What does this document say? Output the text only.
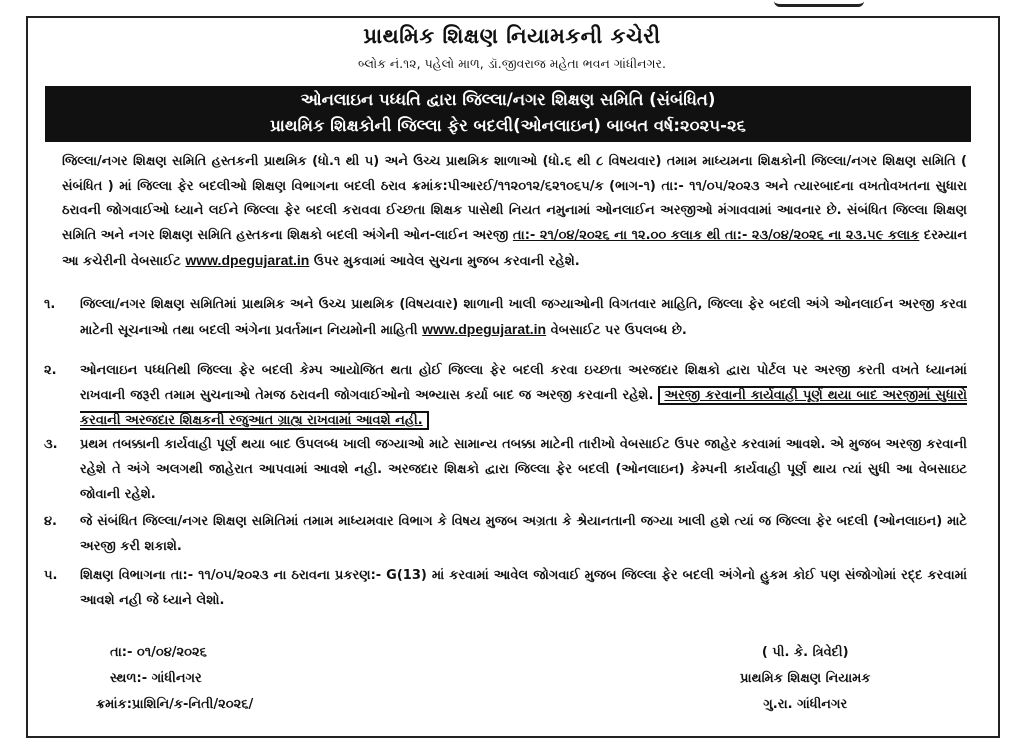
પ્રાથમિક શિક્ષણ નિયામકની કચેરી
બ્લોક નં.૧૨, પહેલો માળ, ડૉ.જીવરાજ મહેતા ભવન ગાંધીનગર.
ઓનલાઇન પધ્ધતિ દ્વારા જિલ્લા/નગર શિક્ષણ સમિતિ (સંબંધિત)
પ્રાથમિક શિક્ષકોની જિલ્લા ફેર બદલી(ઓનલાઇન) બાબત વર્ષ:૨૦૨૫-૨૬
જિલ્લા/નગર શિક્ષણ સમિતિ હસ્તકની પ્રાથમિક (ધો.૧ થી ૫) અને ઉચ્ચ પ્રાથમિક શાળાઓ (ધો.૬ થી ૮ વિષયવાર) તમામ માધ્યમના શિક્ષકોની જિલ્લા/નગર શિક્ષણ સમિતિ ( સંબંધિત ) માં જિલ્લા ફેર બદલીઓ શિક્ષણ વિભાગના બદલી ઠરાવ ક્રમાંક:પીઆરઈ/૧૧૨૦૧૨/૬૨૧૦૬૫/ક (ભાગ-૧) તા:- ૧૧/૦૫/૨૦૨૩ અને ત્યારબાદના વખતોવખતના સુધારા ઠરાવની જોગવાઈઓ ધ્યાને લઈને જિલ્લા ફેર બદલી કરાવવા ઈચ્છતા શિક્ષક પાસેથી નિયત નમુનામાં ઓનલાઈન અરજીઓ મંગાવવામાં આવનાર છે. સંબંધિત જિલ્લા શિક્ષણ સમિતિ અને નગર શિક્ષણ સમિતિ હસ્તકના શિક્ષકો બદલી અંગેની ઓન-લાઈન અરજી તા:- ૨૧/૦૪/૨૦૨૬ ના ૧૨.૦૦ કલાક થી તા:- ૨૩/૦૪/૨૦૨૬ ના ૨૩.૫૯ કલાક દરમ્યાન આ કચેરીની વેબસાઈટ www.dpegujarat.in ઉપર મુકવામાં આવેલ સુચના મુજબ કરવાની રહેશે.
૧.	જિલ્લા/નગર શિક્ષણ સમિતિમાં પ્રાથમિક અને ઉચ્ચ પ્રાથમિક (વિષયવાર) શાળાની ખાલી જગ્યાઓની વિગતવાર માહિતિ, જિલ્લા ફેર બદલી અંગે ઓનલાઈન અરજી કરવા માટેની સૂચનાઓ તથા બદલી અંગેના પ્રવર્તમાન નિયમોની માહિતી www.dpegujarat.in વેબસાઈટ પર ઉપલબ્ધ છે.
૨.	ઓનલાઇન પધ્ધતિથી જિલ્લા ફેર બદલી કેમ્પ આયોજિત થતા હોઈ જિલ્લા ફેર બદલી કરવા ઇચ્છતા અરજદાર શિક્ષકો દ્વારા પોર્ટલ પર અરજી કરતી વખતે ધ્યાનમાં રાખવાની જરૂરી તમામ સુચનાઓ તેમજ ઠરાવની જોગવાઈઓનો અભ્યાસ કર્યા બાદ જ અરજી કરવાની રહેશે. અરજી કરવાની કાર્યવાહી પૂર્ણ થયા બાદ અરજીમાં સુધારો કરવાની અરજદાર શિક્ષકની રજુઆત ગ્રાહ્ય રાખવામાં આવશે નહી.
૩.	પ્રથમ તબક્કાની કાર્યવાહી પૂર્ણ થયા બાદ ઉપલબ્ધ ખાલી જગ્યાઓ માટે સામાન્ય તબક્કા માટેની તારીખો વેબસાઈટ ઉપર જાહેર કરવામાં આવશે. એ મુજબ અરજી કરવાની રહેશે તે અંગે અલગથી જાહેરાત આપવામાં આવશે નહી. અરજદાર શિક્ષકો દ્વારા જિલ્લા ફેર બદલી (ઓનલાઇન) કેમ્પની કાર્યવાહી પૂર્ણ થાય ત્યાં સુધી આ વેબસાઇટ જોવાની રહેશે.
૪.	જે સંબંધિત જિલ્લા/નગર શિક્ષણ સમિતિમાં તમામ માધ્યમવાર વિભાગ કે વિષય મુજબ અગ્રતા કે શ્રેયાનતાની જગ્યા ખાલી હશે ત્યાં જ જિલ્લા ફેર બદલી (ઓનલાઇન) માટે અરજી કરી શકાશે.
૫.	શિક્ષણ વિભાગના તા:- ૧૧/૦૫/૨૦૨૩ ના ઠરાવના પ્રકરણ:- G(13) માં કરવામાં આવેલ જોગવાઈ મુજબ જિલ્લા ફેર બદલી અંગેનો હુકમ કોઈ પણ સંજોગોમાં રદ્દ કરવામાં આવશે નહી જે ધ્યાને લેશો.
તા:- ૦૧/૦૪/૨૦૨૬
સ્થળ:- ગાંધીનગર
ક્રમાંક:પ્રાશિનિ/ક-નિતી/૨૦૨૬/
( પી. કે. ત્રિવેદી)
પ્રાથમિક શિક્ષણ નિયામક
ગુ.રા. ગાંધીનગર
